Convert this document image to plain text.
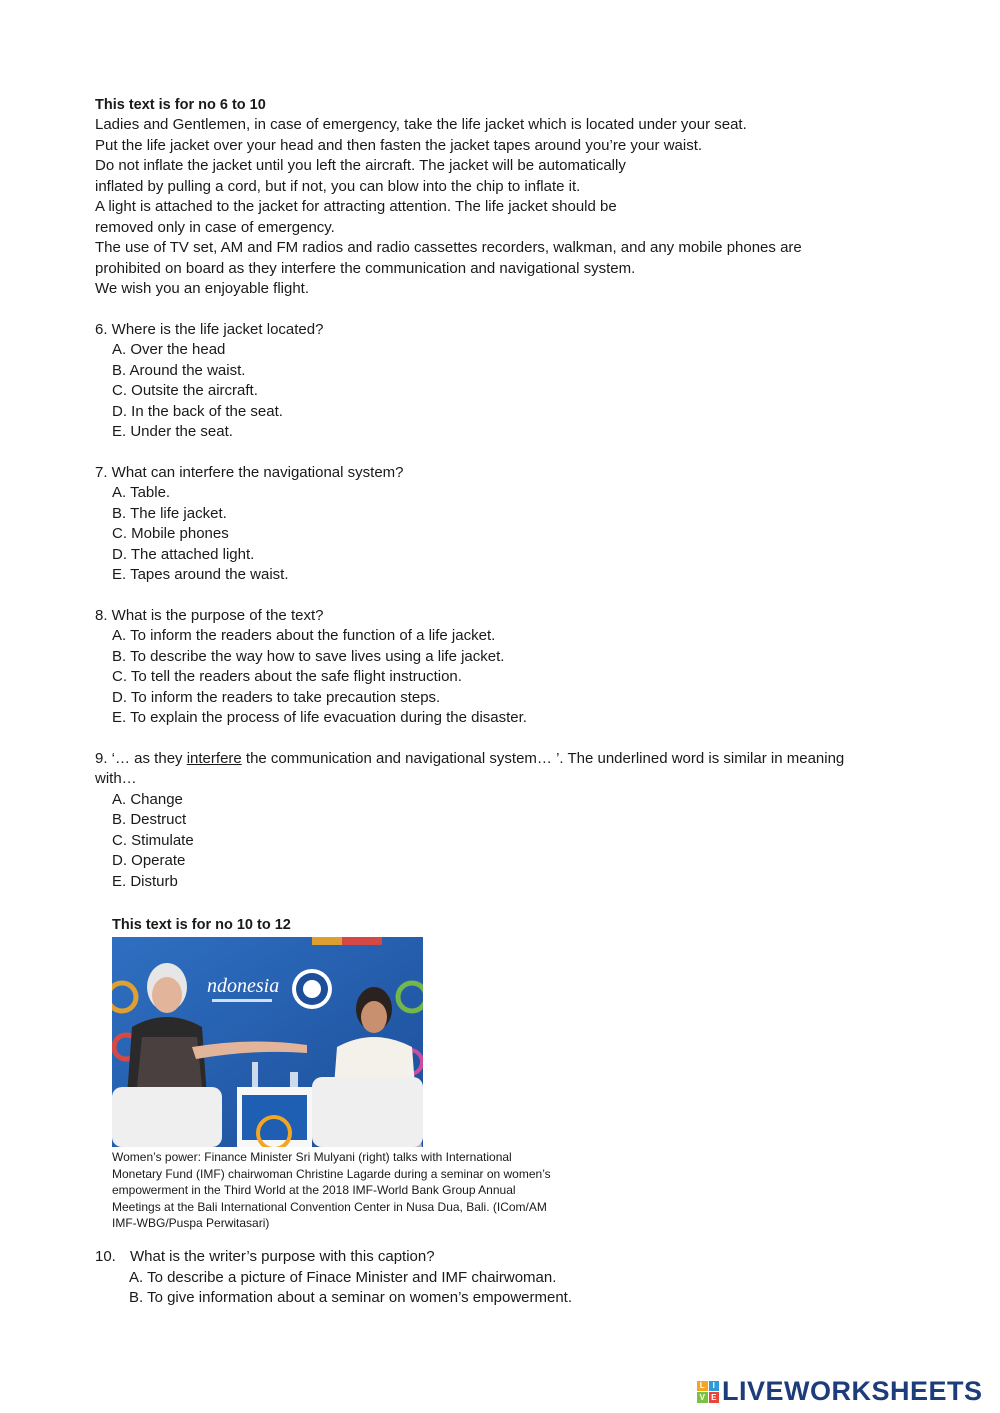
This text is for no 6 to 10
Ladies and Gentlemen, in case of emergency, take the life jacket which is located under your seat.
Put the life jacket over your head and then fasten the jacket tapes around you’re your waist.
Do not inflate the jacket until you left the aircraft. The jacket will be automatically
inflated by pulling a cord, but if not, you can blow into the chip to inflate it.
A light is attached to the jacket for attracting attention. The life jacket should be
removed only in case of emergency.
The use of TV set, AM and FM radios and radio cassettes recorders, walkman, and any mobile phones are
prohibited on board as they interfere the communication and navigational system.
We wish you an enjoyable flight.
6. Where is the life jacket located?
A. Over the head
B. Around the waist.
C. Outsite the aircraft.
D. In the back of the seat.
E. Under the seat.
7. What can interfere the navigational system?
A. Table.
B. The life jacket.
C. Mobile phones
D. The attached light.
E. Tapes around the waist.
8. What is the purpose of the text?
A. To inform the readers about the function of a life jacket.
B. To describe the way how to save lives using a life jacket.
C. To tell the readers about the safe flight instruction.
D. To inform the readers to take precaution steps.
E. To explain the process of life evacuation during the disaster.
9. ‘… as they interfere the communication and navigational system… ’. The underlined word is similar in meaning
with…
A. Change
B. Destruct
C. Stimulate
D. Operate
E. Disturb
This text is for no 10 to 12
ndonesia
Women’s power: Finance Minister Sri Mulyani (right) talks with International
Monetary Fund (IMF) chairwoman Christine Lagarde during a seminar on women’s
empowerment in the Third World at the 2018 IMF-World Bank Group Annual
Meetings at the Bali International Convention Center in Nusa Dua, Bali. (ICom/AM
IMF-WBG/Puspa Perwitasari)
10. What is the writer’s purpose with this caption?
A. To describe a picture of Finace Minister and IMF chairwoman.
B. To give information about a seminar on women’s empowerment.
L I
V E LIVEWORKSHEETS
